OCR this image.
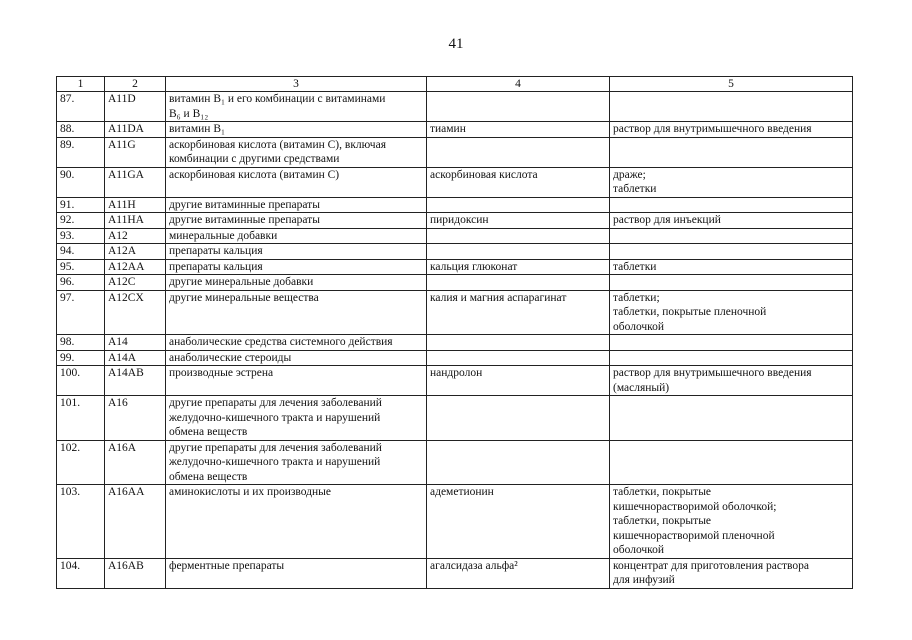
41
1	2	3	4	5
87.	A11D	витамин B₁ и его комбинации с витаминами
B₆ и B₁₂		
88.	A11DA	витамин B₁	тиамин	раствор для внутримышечного введения
89.	A11G	аскорбиновая кислота (витамин C), включая
комбинации с другими средствами		
90.	A11GA	аскорбиновая кислота (витамин C)	аскорбиновая кислота	драже;
таблетки
91.	A11H	другие витаминные препараты		
92.	A11HA	другие витаминные препараты	пиридоксин	раствор для инъекций
93.	A12	минеральные добавки		
94.	A12A	препараты кальция		
95.	A12AA	препараты кальция	кальция глюконат	таблетки
96.	A12C	другие минеральные добавки		
97.	A12CX	другие минеральные вещества	калия и магния аспарагинат	таблетки;
таблетки, покрытые пленочной
оболочкой
98.	A14	анаболические средства системного действия		
99.	A14A	анаболические стероиды		
100.	A14AB	производные эстрена	нандролон	раствор для внутримышечного введения
(масляный)
101.	A16	другие препараты для лечения заболеваний
желудочно-кишечного тракта и нарушений
обмена веществ		
102.	A16A	другие препараты для лечения заболеваний
желудочно-кишечного тракта и нарушений
обмена веществ		
103.	A16AA	аминокислоты и их производные	адеметионин	таблетки, покрытые
кишечнорастворимой оболочкой;
таблетки, покрытые
кишечнорастворимой пленочной
оболочкой
104.	A16AB	ферментные препараты	агалсидаза альфа²	концентрат для приготовления раствора
для инфузий
